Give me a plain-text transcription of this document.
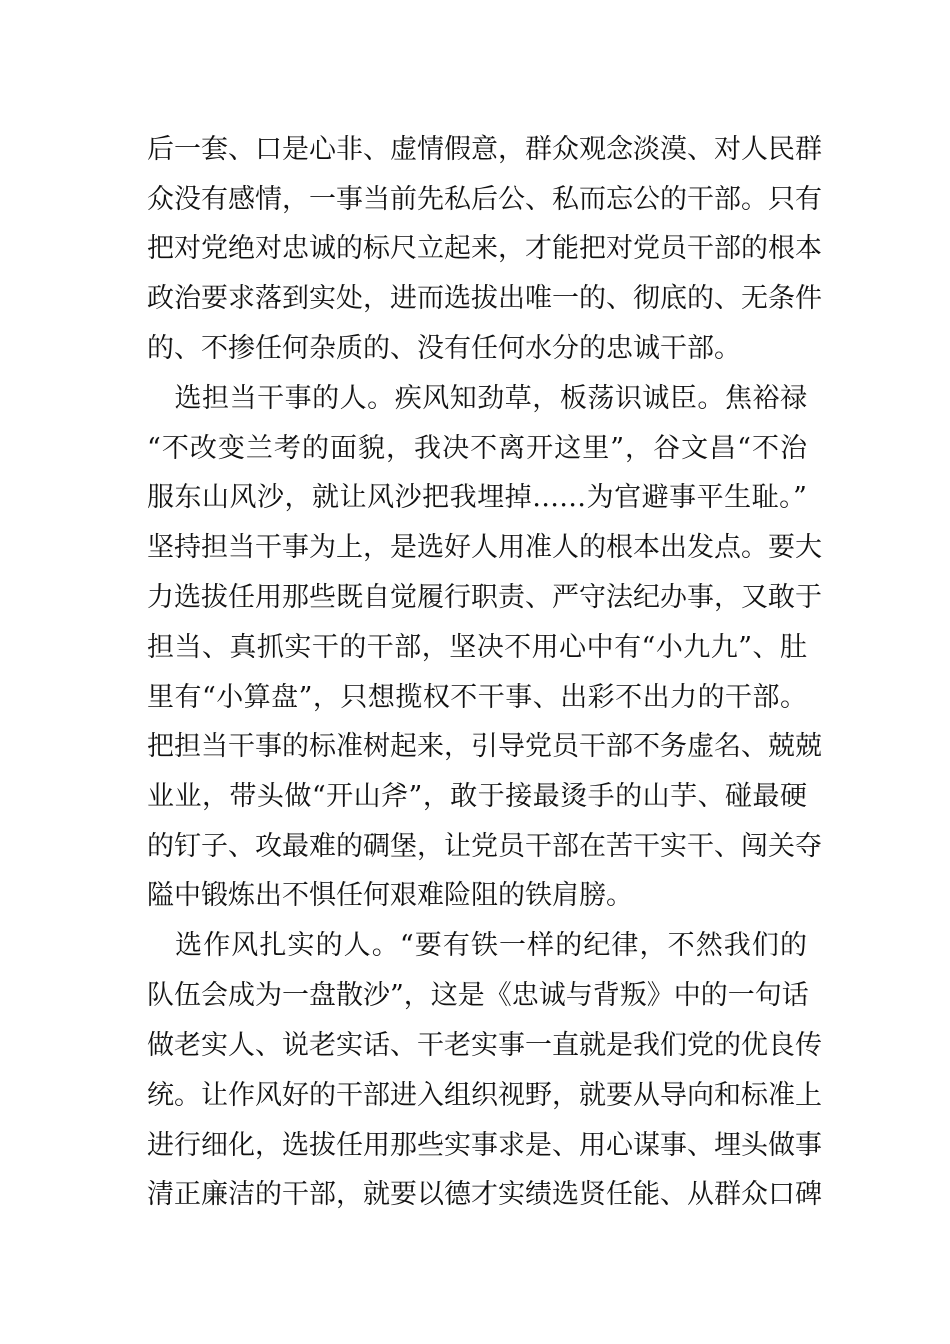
后一套、口是心非、虚情假意，群众观念淡漠、对人民群
众没有感情，一事当前先私后公、私而忘公的干部。只有
把对党绝对忠诚的标尺立起来，才能把对党员干部的根本
政治要求落到实处，进而选拔出唯一的、彻底的、无条件
的、不掺任何杂质的、没有任何水分的忠诚干部。
　选担当干事的人。疾风知劲草，板荡识诚臣。焦裕禄
“不改变兰考的面貌，我决不离开这里”，谷文昌“不治
服东山风沙，就让风沙把我埋掉……为官避事平生耻。”
坚持担当干事为上，是选好人用准人的根本出发点。要大
力选拔任用那些既自觉履行职责、严守法纪办事，又敢于
担当、真抓实干的干部，坚决不用心中有“小九九”、肚
里有“小算盘”，只想揽权不干事、出彩不出力的干部。
把担当干事的标准树起来，引导党员干部不务虚名、兢兢
业业，带头做“开山斧”，敢于接最烫手的山芋、碰最硬
的钉子、攻最难的碉堡，让党员干部在苦干实干、闯关夺
隘中锻炼出不惧任何艰难险阻的铁肩膀。
　选作风扎实的人。“要有铁一样的纪律，不然我们的
队伍会成为一盘散沙”，这是《忠诚与背叛》中的一句话
做老实人、说老实话、干老实事一直就是我们党的优良传
统。让作风好的干部进入组织视野，就要从导向和标准上
进行细化，选拔任用那些实事求是、用心谋事、埋头做事
清正廉洁的干部，就要以德才实绩选贤任能、从群众口碑
